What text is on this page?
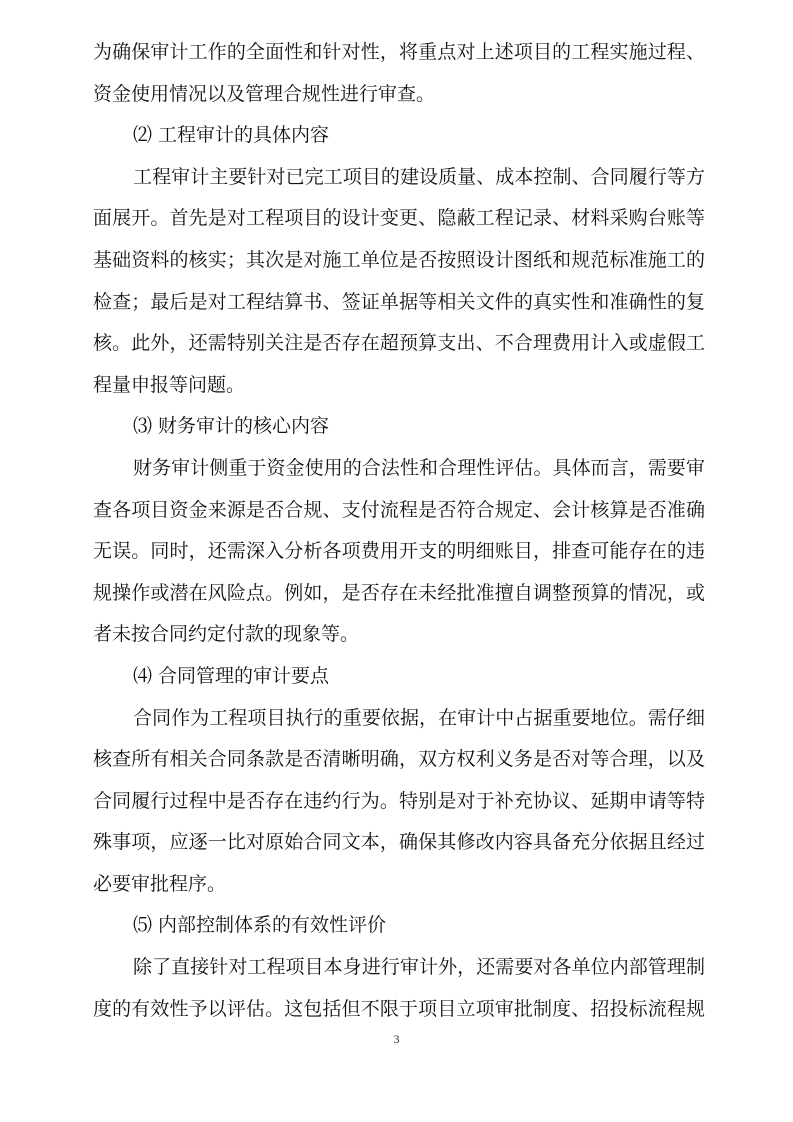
为确保审计工作的全面性和针对性，将重点对上述项目的工程实施过程、
资金使用情况以及管理合规性进行审查。
⑵ 工程审计的具体内容
工程审计主要针对已完工项目的建设质量、成本控制、合同履行等方
面展开。首先是对工程项目的设计变更、隐蔽工程记录、材料采购台账等
基础资料的核实；其次是对施工单位是否按照设计图纸和规范标准施工的
检查；最后是对工程结算书、签证单据等相关文件的真实性和准确性的复
核。此外，还需特别关注是否存在超预算支出、不合理费用计入或虚假工
程量申报等问题。
⑶ 财务审计的核心内容
财务审计侧重于资金使用的合法性和合理性评估。具体而言，需要审
查各项目资金来源是否合规、支付流程是否符合规定、会计核算是否准确
无误。同时，还需深入分析各项费用开支的明细账目，排查可能存在的违
规操作或潜在风险点。例如，是否存在未经批准擅自调整预算的情况，或
者未按合同约定付款的现象等。
⑷ 合同管理的审计要点
合同作为工程项目执行的重要依据，在审计中占据重要地位。需仔细
核查所有相关合同条款是否清晰明确，双方权利义务是否对等合理，以及
合同履行过程中是否存在违约行为。特别是对于补充协议、延期申请等特
殊事项，应逐一比对原始合同文本，确保其修改内容具备充分依据且经过
必要审批程序。
⑸ 内部控制体系的有效性评价
除了直接针对工程项目本身进行审计外，还需要对各单位内部管理制
度的有效性予以评估。这包括但不限于项目立项审批制度、招投标流程规
3
